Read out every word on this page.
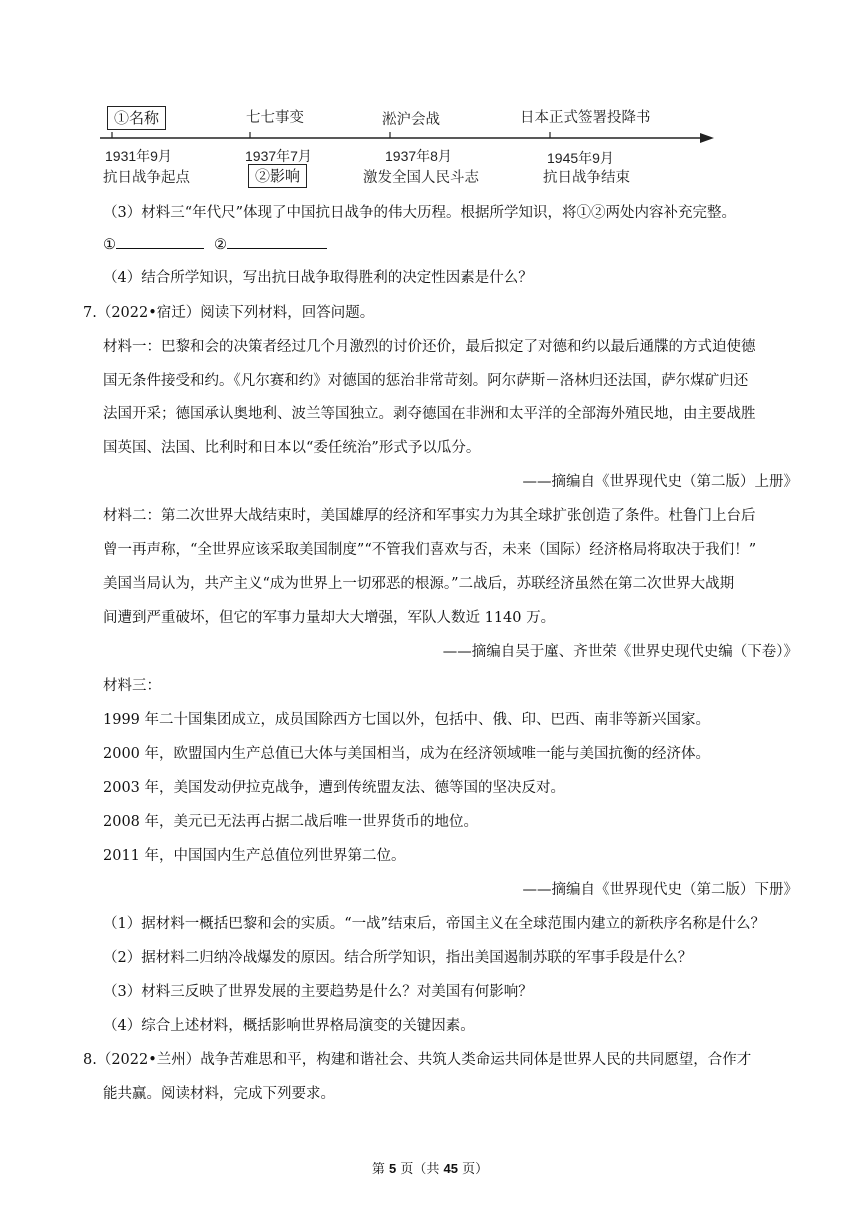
①名称	七七事变	淞沪会战	日本正式签署投降书
1931年9月	1937年7月	1937年8月	1945年9月
抗日战争起点	②影响	激发全国人民斗志	抗日战争结束
（3）材料三“年代尺”体现了中国抗日战争的伟大历程。根据所学知识，将①②两处内容补充完整。
①	②
（4）结合所学知识，写出抗日战争取得胜利的决定性因素是什么？
7.（2022•宿迁）阅读下列材料，回答问题。
材料一：巴黎和会的决策者经过几个月激烈的讨价还价，最后拟定了对德和约以最后通牒的方式迫使德
国无条件接受和约。《凡尔赛和约》对德国的惩治非常苛刻。阿尔萨斯－洛林归还法国，萨尔煤矿归还
法国开采；德国承认奥地利、波兰等国独立。剥夺德国在非洲和太平洋的全部海外殖民地，由主要战胜
国英国、法国、比利时和日本以“委任统治”形式予以瓜分。
——摘编自《世界现代史（第二版）上册》
材料二：第二次世界大战结束时，美国雄厚的经济和军事实力为其全球扩张创造了条件。杜鲁门上台后
曾一再声称，“全世界应该采取美国制度”“不管我们喜欢与否，未来（国际）经济格局将取决于我们！”
美国当局认为，共产主义“成为世界上一切邪恶的根源。”二战后，苏联经济虽然在第二次世界大战期
间遭到严重破坏，但它的军事力量却大大增强，军队人数近 1140 万。
——摘编自吴于廑、齐世荣《世界史现代史编（下卷）》
材料三：
1999 年二十国集团成立，成员国除西方七国以外，包括中、俄、印、巴西、南非等新兴国家。
2000 年，欧盟国内生产总值已大体与美国相当，成为在经济领域唯一能与美国抗衡的经济体。
2003 年，美国发动伊拉克战争，遭到传统盟友法、德等国的坚决反对。
2008 年，美元已无法再占据二战后唯一世界货币的地位。
2011 年，中国国内生产总值位列世界第二位。
——摘编自《世界现代史（第二版）下册》
（1）据材料一概括巴黎和会的实质。“一战”结束后，帝国主义在全球范围内建立的新秩序名称是什么？
（2）据材料二归纳冷战爆发的原因。结合所学知识，指出美国遏制苏联的军事手段是什么？
（3）材料三反映了世界发展的主要趋势是什么？对美国有何影响？
（4）综合上述材料，概括影响世界格局演变的关键因素。
8.（2022•兰州）战争苦难思和平，构建和谐社会、共筑人类命运共同体是世界人民的共同愿望，合作才
能共赢。阅读材料，完成下列要求。
第 5 页（共 45 页）
